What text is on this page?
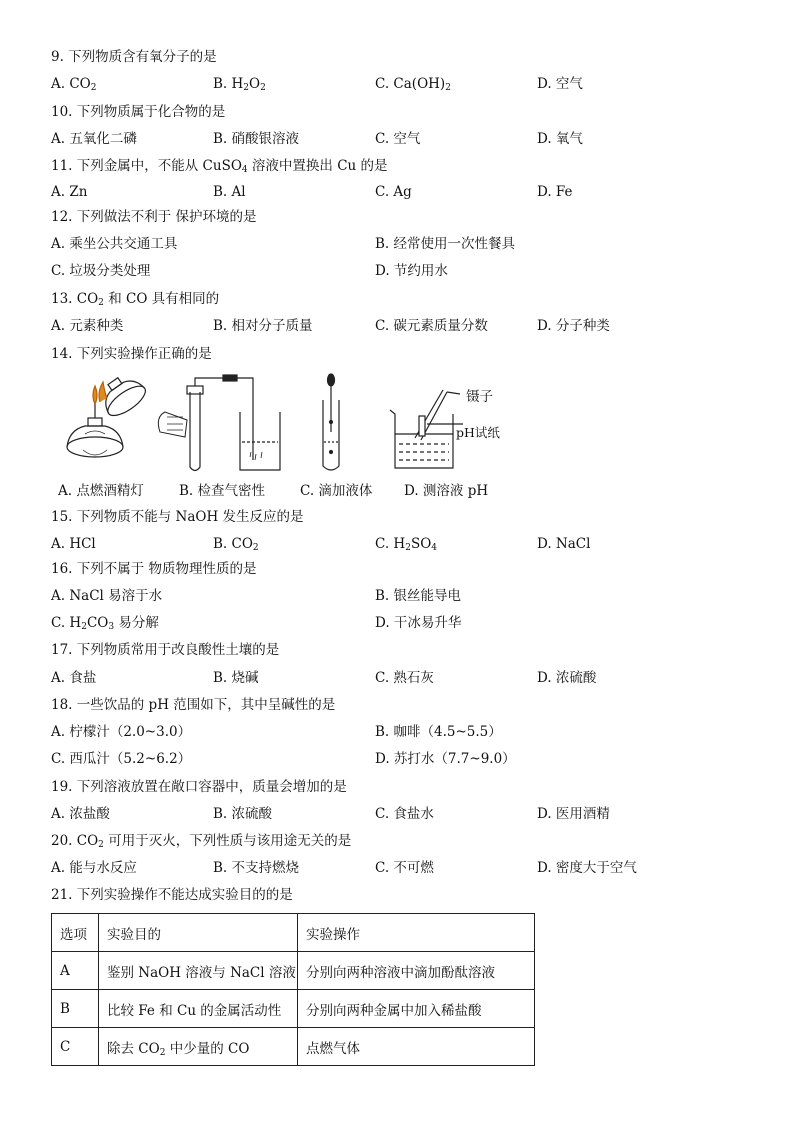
9. 下列物质含有氧分子的是
A. $CO_2$	B. $H_2O_2$	C. $Ca(OH)_2$	D. 空气
10. 下列物质属于化合物的是
A. 五氧化二磷	B. 硝酸银溶液	C. 空气	D. 氧气
11. 下列金属中，不能从 CuSO$_4$ 溶液中置换出 Cu 的是
A. Zn	B. Al	C. Ag	D. Fe
12. 下列做法不利于 保护环境的是
A. 乘坐公共交通工具	B. 经常使用一次性餐具
C. 垃圾分类处理	D. 节约用水
13. $CO_2$ 和 CO 具有相同的
A. 元素种类	B. 相对分子质量	C. 碳元素质量分数	D. 分子种类
14. 下列实验操作正确的是
镊子
pH试纸
A. 点燃酒精灯	B. 检查气密性	C. 滴加液体 D. 测溶液 pH
15. 下列物质不能与 NaOH 发生反应的是
A. HCl	B. $CO_2$	C. $H_2SO_4$	D. NaCl
16. 下列不属于 物质物理性质的是
A. NaCl 易溶于水	B. 银丝能导电
C. $H_2CO_3$ 易分解	D. 干冰易升华
17. 下列物质常用于改良酸性土壤的是
A. 食盐	B. 烧碱	C. 熟石灰	D. 浓硫酸
18. 一些饮品的 pH 范围如下，其中呈碱性的是
A. 柠檬汁（2.0~3.0）	B. 咖啡（4.5~5.5）
C. 西瓜汁（5.2~6.2）	D. 苏打水（7.7~9.0）
19. 下列溶液放置在敞口容器中，质量会增加的是
A. 浓盐酸	B. 浓硫酸	C. 食盐水	D. 医用酒精
20. $CO_2$ 可用于灭火，下列性质与该用途无关的是
A. 能与水反应	B. 不支持燃烧	C. 不可燃	D. 密度大于空气
21. 下列实验操作不能达成实验目的的是
选项	实验目的	实验操作
A	鉴别 NaOH 溶液与 NaCl 溶液	分别向两种溶液中滴加酚酞溶液
B	比较 Fe 和 Cu 的金属活动性	分别向两种金属中加入稀盐酸
C	除去 $CO_2$ 中少量的 CO	点燃气体
